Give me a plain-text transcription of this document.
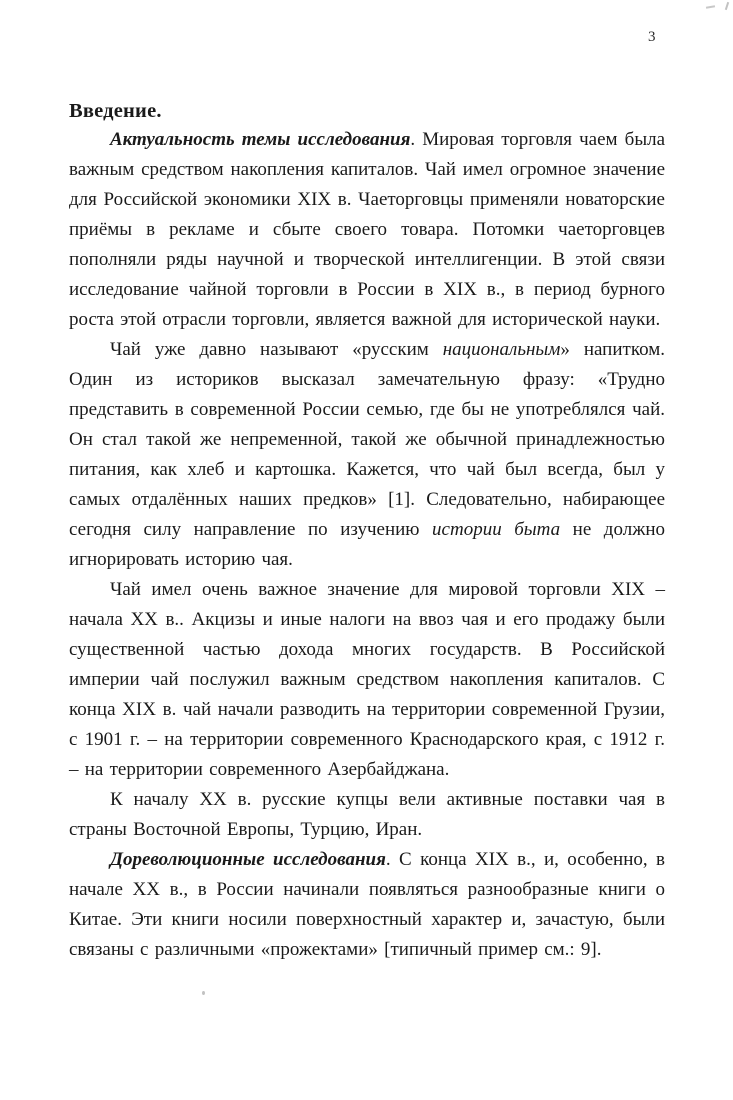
3
Введение.

Актуальность темы исследования. Мировая торговля чаем была важным средством накопления капиталов. Чай имел огромное значение для Российской экономики XIX в. Чаеторговцы применяли новаторские приёмы в рекламе и сбыте своего товара. Потомки чаеторговцев пополняли ряды научной и творческой интеллигенции. В этой связи исследование чайной торговли в России в XIX в., в период бурного роста этой отрасли торговли, является важной для исторической науки.

Чай уже давно называют «русским национальным» напитком. Один из историков высказал замечательную фразу: «Трудно представить в современной России семью, где бы не употреблялся чай. Он стал такой же непременной, такой же обычной принадлежностью питания, как хлеб и картошка. Кажется, что чай был всегда, был у самых отдалённых наших предков» [1]. Следовательно, набирающее сегодня силу направление по изучению истории быта не должно игнорировать историю чая.

Чай имел очень важное значение для мировой торговли XIX – начала XX в.. Акцизы и иные налоги на ввоз чая и его продажу были существенной частью дохода многих государств. В Российской империи чай послужил важным средством накопления капиталов. С конца XIX в. чай начали разводить на территории современной Грузии, с 1901 г. – на территории современного Краснодарского края, с 1912 г. – на территории современного Азербайджана.

К началу XX в. русские купцы вели активные поставки чая в страны Восточной Европы, Турцию, Иран.

Дореволюционные исследования. С конца XIX в., и, особенно, в начале XX в., в России начинали появляться разнообразные книги о Китае. Эти книги носили поверхностный характер и, зачастую, были связаны с различными «прожектами» [типичный пример см.: 9].
